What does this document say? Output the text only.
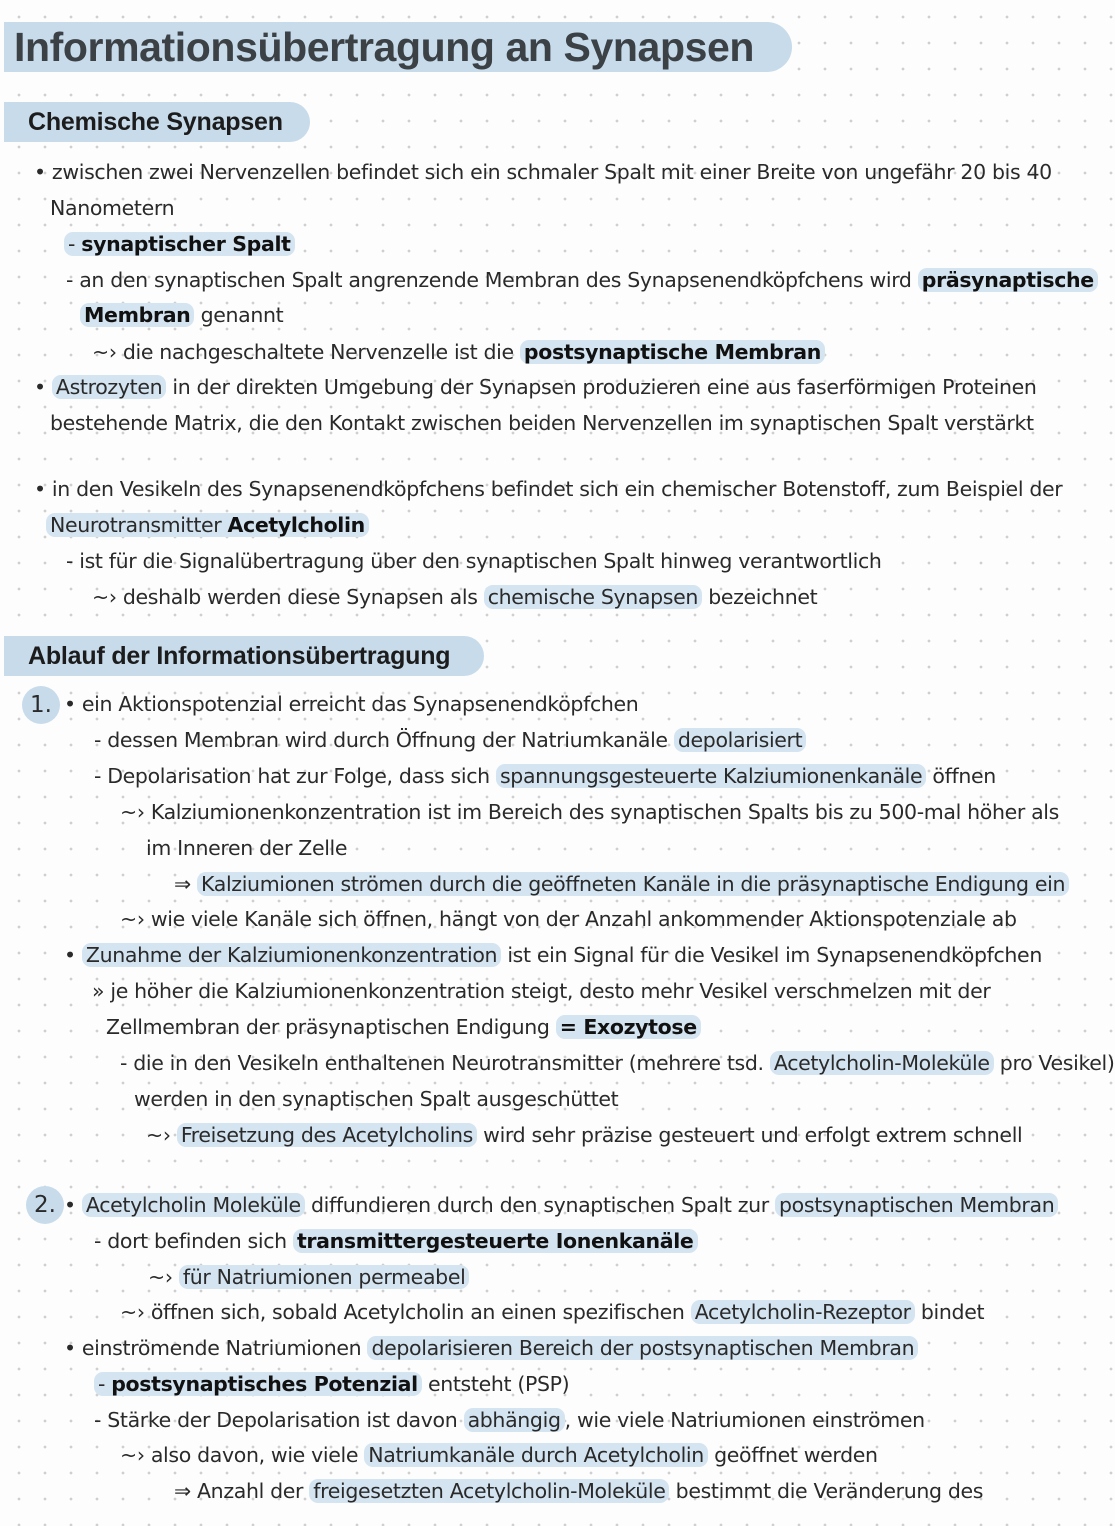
Informationsübertragung an Synapsen
Chemische Synapsen
• zwischen zwei Nervenzellen befindet sich ein schmaler Spalt mit einer Breite von ungefähr 20 bis 40
Nanometern
- synaptischer Spalt
- an den synaptischen Spalt angrenzende Membran des Synapsenendköpfchens wird präsynaptische
Membran genannt
~› die nachgeschaltete Nervenzelle ist die postsynaptische Membran
• Astrozyten in der direkten Umgebung der Synapsen produzieren eine aus faserförmigen Proteinen
bestehende Matrix, die den Kontakt zwischen beiden Nervenzellen im synaptischen Spalt verstärkt
• in den Vesikeln des Synapsenendköpfchens befindet sich ein chemischer Botenstoff, zum Beispiel der
Neurotransmitter Acetylcholin
- ist für die Signalübertragung über den synaptischen Spalt hinweg verantwortlich
~› deshalb werden diese Synapsen als chemische Synapsen bezeichnet
Ablauf der Informationsübertragung
1. • ein Aktionspotenzial erreicht das Synapsenendköpfchen
- dessen Membran wird durch Öffnung der Natriumkanäle depolarisiert
- Depolarisation hat zur Folge, dass sich spannungsgesteuerte Kalziumionenkanäle öffnen
~› Kalziumionenkonzentration ist im Bereich des synaptischen Spalts bis zu 500-mal höher als
im Inneren der Zelle
⇒ Kalziumionen strömen durch die geöffneten Kanäle in die präsynaptische Endigung ein
~› wie viele Kanäle sich öffnen, hängt von der Anzahl ankommender Aktionspotenziale ab
• Zunahme der Kalziumionenkonzentration ist ein Signal für die Vesikel im Synapsenendköpfchen
» je höher die Kalziumionenkonzentration steigt, desto mehr Vesikel verschmelzen mit der
Zellmembran der präsynaptischen Endigung = Exozytose
- die in den Vesikeln enthaltenen Neurotransmitter (mehrere tsd. Acetylcholin-Moleküle pro Vesikel)
werden in den synaptischen Spalt ausgeschüttet
~› Freisetzung des Acetylcholins wird sehr präzise gesteuert und erfolgt extrem schnell
2. • Acetylcholin Moleküle diffundieren durch den synaptischen Spalt zur postsynaptischen Membran
- dort befinden sich transmittergesteuerte Ionenkanäle
~› für Natriumionen permeabel
~› öffnen sich, sobald Acetylcholin an einen spezifischen Acetylcholin-Rezeptor bindet
• einströmende Natriumionen depolarisieren Bereich der postsynaptischen Membran
- postsynaptisches Potenzial entsteht (PSP)
- Stärke der Depolarisation ist davon abhängig , wie viele Natriumionen einströmen
~› also davon, wie viele Natriumkanäle durch Acetylcholin geöffnet werden
⇒ Anzahl der freigesetzten Acetylcholin-Moleküle bestimmt die Veränderung des
